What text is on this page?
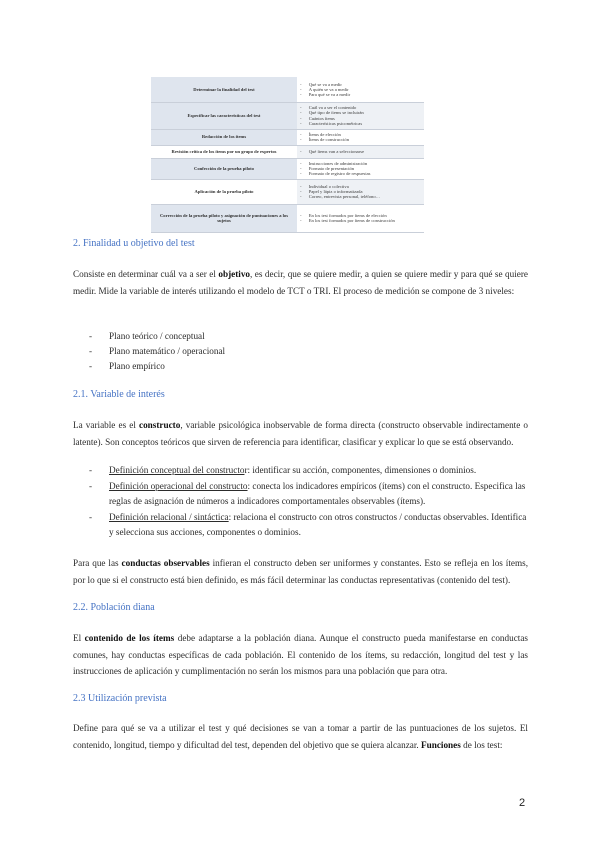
Determinar la finalidad del test	- Qué se va a medir
- A quién se va a medir
- Para qué se va a medir

Especificar las características del test	- Cuál va a ser el contenido
- Qué tipo de ítems se incluirán
- Cuántos ítems
- Características psicométricas

Redacción de los ítems	- Ítems de elección
- Ítems de construcción

Revisión crítica de los ítems por un grupo de expertos	- Qué ítems van a seleccionarse

Confección de la prueba piloto	- Instrucciones de administración
- Formato de presentación
- Formato de registro de respuestas

Aplicación de la prueba piloto	- Individual o colectiva
- Papel y lápiz o informatizada
- Correo, entrevista personal, teléfono…

Corrección de la prueba piloto y asignación de puntuaciones a los sujetos	- En los test formados por ítems de elección
- En los test formados por ítems de construcción
2. Finalidad u objetivo del test

Consiste en determinar cuál va a ser el objetivo, es decir, que se quiere medir, a quien se quiere medir y para qué se quiere medir. Mide la variable de interés utilizando el modelo de TCT o TRI. El proceso de medición se compone de 3 niveles:

- Plano teórico / conceptual
- Plano matemático / operacional
- Plano empírico
2.1. Variable de interés

La variable es el constructo, variable psicológica inobservable de forma directa (constructo observable indirectamente o latente). Son conceptos teóricos que sirven de referencia para identificar, clasificar y explicar lo que se está observando.

- Definición conceptual del constructor: identificar su acción, componentes, dimensiones o dominios.
- Definición operacional del constructo: conecta los indicadores empíricos (ítems) con el constructo. Especifica las reglas de asignación de números a indicadores comportamentales observables (ítems).
- Definición relacional / sintáctica: relaciona el constructo con otros constructos / conductas observables. Identifica y selecciona sus acciones, componentes o dominios.

Para que las conductas observables infieran el constructo deben ser uniformes y constantes. Esto se refleja en los ítems, por lo que si el constructo está bien definido, es más fácil determinar las conductas representativas (contenido del test).

2.2. Población diana

El contenido de los ítems debe adaptarse a la población diana. Aunque el constructo pueda manifestarse en conductas comunes, hay conductas específicas de cada población. El contenido de los ítems, su redacción, longitud del test y las instrucciones de aplicación y cumplimentación no serán los mismos para una población que para otra.

2.3 Utilización prevista

Define para qué se va a utilizar el test y qué decisiones se van a tomar a partir de las puntuaciones de los sujetos. El contenido, longitud, tiempo y dificultad del test, dependen del objetivo que se quiera alcanzar. Funciones de los test:

2
